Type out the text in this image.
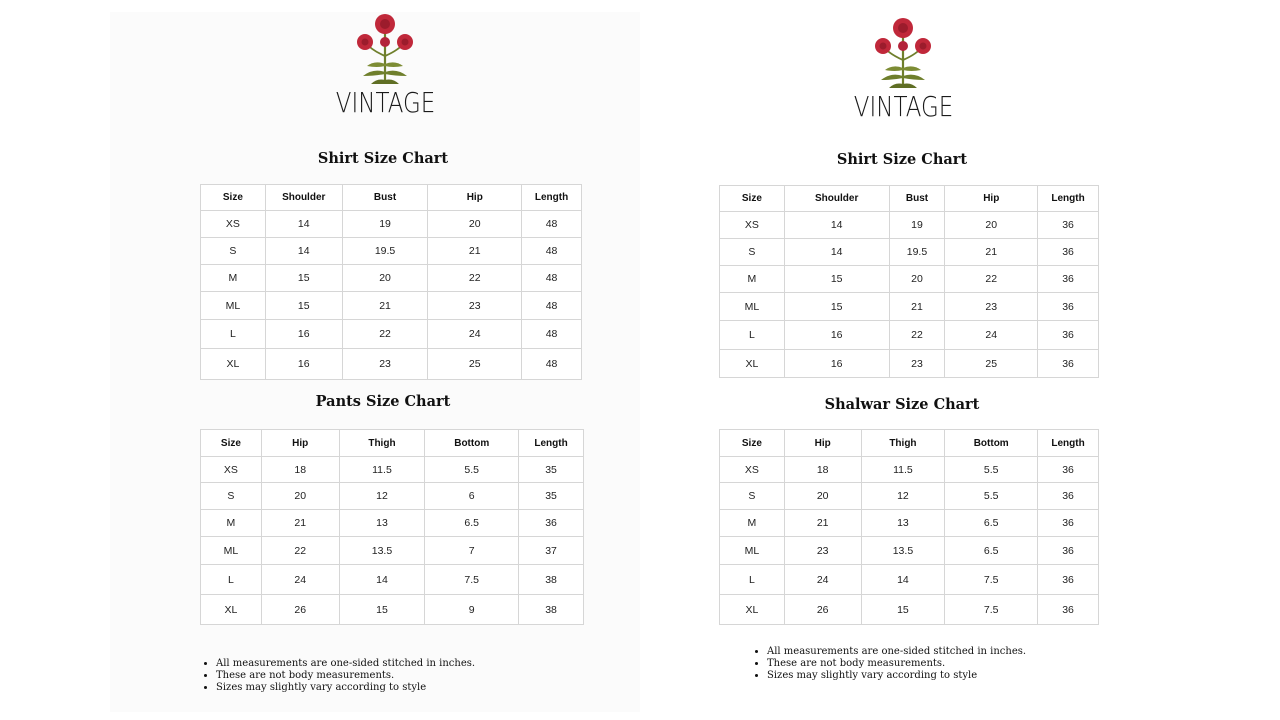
VINTAGE	VINTAGE
Shirt Size Chart
Pants Size Chart
Shirt Size Chart
Shalwar Size Chart
Size	Shoulder	Bust	Hip	Length
XS	14	19	20	48
S	14	19.5	21	48
M	15	20	22	48
ML	15	21	23	48
L	16	22	24	48
XL	16	23	25	48
Size	Hip	Thigh	Bottom	Length
XS	18	11.5	5.5	35
S	20	12	6	35
M	21	13	6.5	36
ML	22	13.5	7	37
L	24	14	7.5	38
XL	26	15	9	38
Size	Shoulder	Bust	Hip	Length
XS	14	19	20	36
S	14	19.5	21	36
M	15	20	22	36
ML	15	21	23	36
L	16	22	24	36
XL	16	23	25	36
Size	Hip	Thigh	Bottom	Length
XS	18	11.5	5.5	36
S	20	12	5.5	36
M	21	13	6.5	36
ML	23	13.5	6.5	36
L	24	14	7.5	36
XL	26	15	7.5	36
• All measurements are one-sided stitched in inches.
• These are not body measurements.
• Sizes may slightly vary according to style
• All measurements are one-sided stitched in inches.
• These are not body measurements.
• Sizes may slightly vary according to style
